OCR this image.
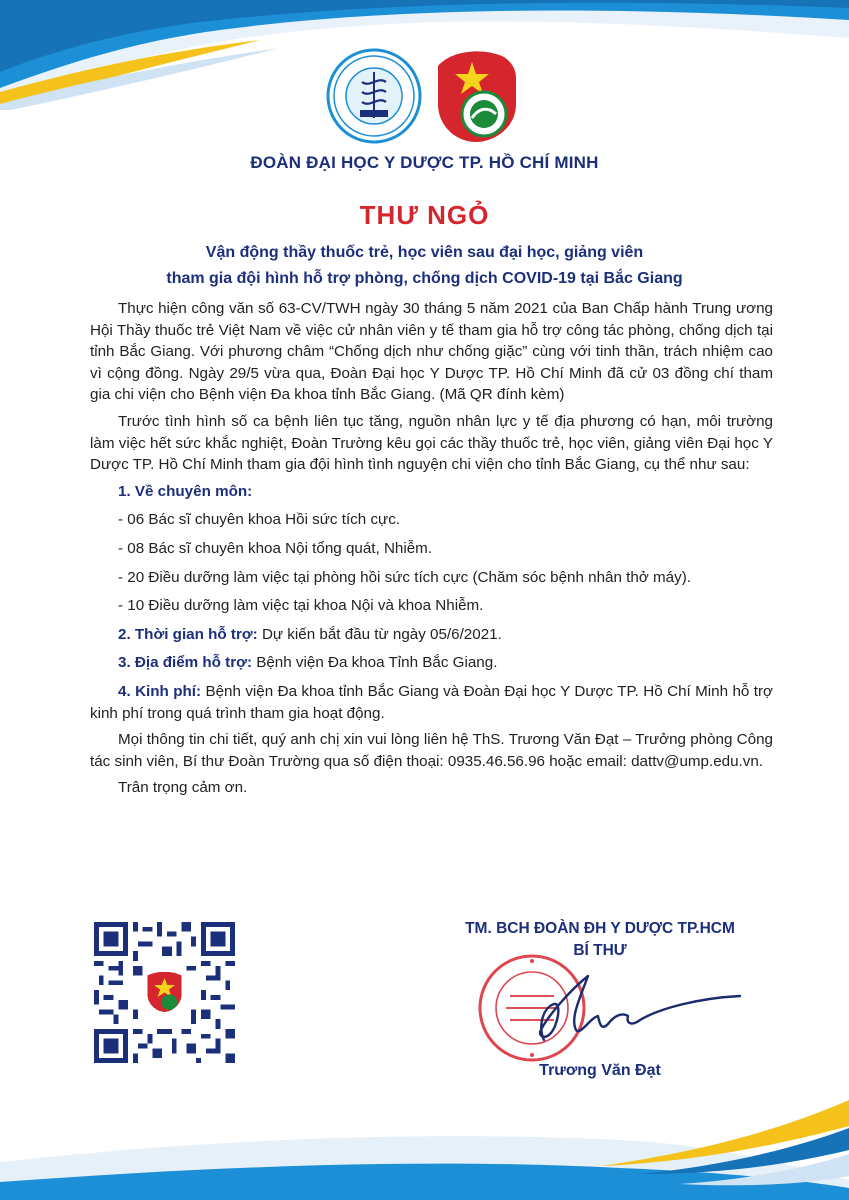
ĐOÀN ĐẠI HỌC Y DƯỢC TP. HỒ CHÍ MINH
THƯ NGỎ
Vận động thầy thuốc trẻ, học viên sau đại học, giảng viên
tham gia đội hình hỗ trợ phòng, chống dịch COVID-19 tại Bắc Giang

Thực hiện công văn số 63-CV/TWH ngày 30 tháng 5 năm 2021 của Ban Chấp hành Trung ương Hội Thầy thuốc trẻ Việt Nam về việc cử nhân viên y tế tham gia hỗ trợ công tác phòng, chống dịch tại tỉnh Bắc Giang. Với phương châm “Chống dịch như chống giặc” cùng với tinh thần, trách nhiệm cao vì cộng đồng. Ngày 29/5 vừa qua, Đoàn Đại học Y Dược TP. Hồ Chí Minh đã cử 03 đồng chí tham gia chi viện cho Bệnh viện Đa khoa tỉnh Bắc Giang. (Mã QR đính kèm)

Trước tình hình số ca bệnh liên tục tăng, nguồn nhân lực y tế địa phương có hạn, môi trường làm việc hết sức khắc nghiệt, Đoàn Trường kêu gọi các thầy thuốc trẻ, học viên, giảng viên Đại học Y Dược TP. Hồ Chí Minh tham gia đội hình tình nguyện chi viện cho tỉnh Bắc Giang, cụ thể như sau:

1. Về chuyên môn:

- 06 Bác sĩ chuyên khoa Hồi sức tích cực.

- 08 Bác sĩ chuyên khoa Nội tổng quát, Nhiễm.

- 20 Điều dưỡng làm việc tại phòng hồi sức tích cực (Chăm sóc bệnh nhân thở máy).

- 10 Điều dưỡng làm việc tại khoa Nội và khoa Nhiễm.

2. Thời gian hỗ trợ: Dự kiến bắt đầu từ ngày 05/6/2021.

3. Địa điểm hỗ trợ: Bệnh viện Đa khoa Tỉnh Bắc Giang.

4. Kinh phí: Bệnh viện Đa khoa tỉnh Bắc Giang và Đoàn Đại học Y Dược TP. Hồ Chí Minh hỗ trợ kinh phí trong quá trình tham gia hoạt động.

Mọi thông tin chi tiết, quý anh chị xin vui lòng liên hệ ThS. Trương Văn Đạt – Trưởng phòng Công tác sinh viên, Bí thư Đoàn Trường qua số điện thoại: 0935.46.56.96 hoặc email: dattv@ump.edu.vn.

Trân trọng cảm ơn.

TM. BCH ĐOÀN ĐH Y DƯỢC TP.HCM
BÍ THƯ
Trương Văn Đạt
